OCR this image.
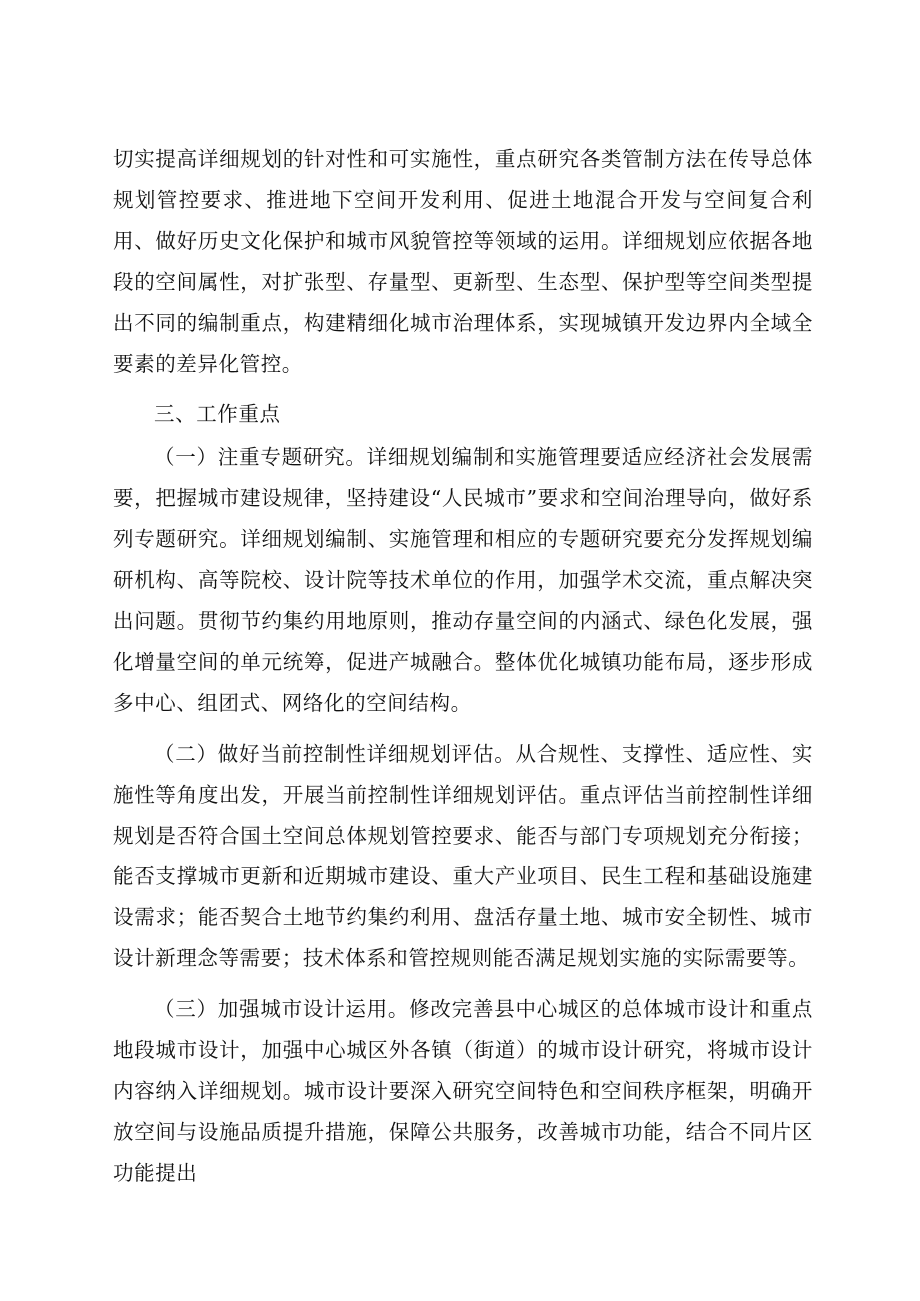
切实提高详细规划的针对性和可实施性，重点研究各类管制方法在传导总体规划管控要求、推进地下空间开发利用、促进土地混合开发与空间复合利用、做好历史文化保护和城市风貌管控等领域的运用。详细规划应依据各地段的空间属性，对扩张型、存量型、更新型、生态型、保护型等空间类型提出不同的编制重点，构建精细化城市治理体系，实现城镇开发边界内全域全要素的差异化管控。

三、工作重点

（一）注重专题研究。详细规划编制和实施管理要适应经济社会发展需要，把握城市建设规律，坚持建设“人民城市”要求和空间治理导向，做好系列专题研究。详细规划编制、实施管理和相应的专题研究要充分发挥规划编研机构、高等院校、设计院等技术单位的作用，加强学术交流，重点解决突出问题。贯彻节约集约用地原则，推动存量空间的内涵式、绿色化发展，强化增量空间的单元统筹，促进产城融合。整体优化城镇功能布局，逐步形成多中心、组团式、网络化的空间结构。

（二）做好当前控制性详细规划评估。从合规性、支撑性、适应性、实施性等角度出发，开展当前控制性详细规划评估。重点评估当前控制性详细规划是否符合国土空间总体规划管控要求、能否与部门专项规划充分衔接；能否支撑城市更新和近期城市建设、重大产业项目、民生工程和基础设施建设需求；能否契合土地节约集约利用、盘活存量土地、城市安全韧性、城市设计新理念等需要；技术体系和管控规则能否满足规划实施的实际需要等。

（三）加强城市设计运用。修改完善县中心城区的总体城市设计和重点地段城市设计，加强中心城区外各镇（街道）的城市设计研究，将城市设计内容纳入详细规划。城市设计要深入研究空间特色和空间秩序框架，明确开放空间与设施品质提升措施，保障公共服务，改善城市功能，结合不同片区功能提出
